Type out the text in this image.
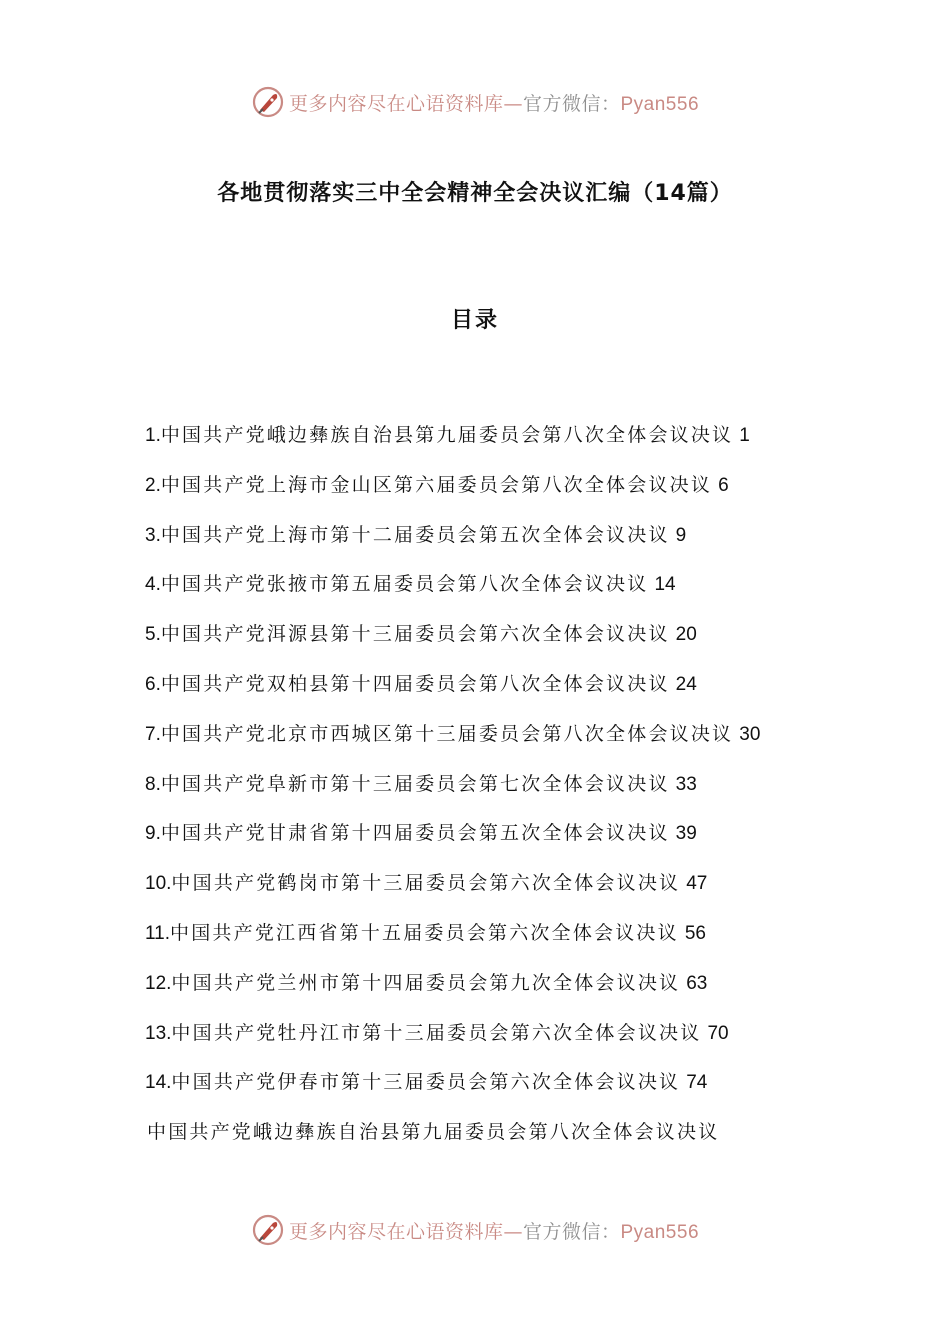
更多内容尽在心语资料库—官方微信：Pyan556
各地贯彻落实三中全会精神全会决议汇编（14篇）
目录
1.中国共产党峨边彝族自治县第九届委员会第八次全体会议决议 1
2.中国共产党上海市金山区第六届委员会第八次全体会议决议 6
3.中国共产党上海市第十二届委员会第五次全体会议决议 9
4.中国共产党张掖市第五届委员会第八次全体会议决议 14
5.中国共产党洱源县第十三届委员会第六次全体会议决议 20
6.中国共产党双柏县第十四届委员会第八次全体会议决议 24
7.中国共产党北京市西城区第十三届委员会第八次全体会议决议 30
8.中国共产党阜新市第十三届委员会第七次全体会议决议 33
9.中国共产党甘肃省第十四届委员会第五次全体会议决议 39
10.中国共产党鹤岗市第十三届委员会第六次全体会议决议 47
11.中国共产党江西省第十五届委员会第六次全体会议决议 56
12.中国共产党兰州市第十四届委员会第九次全体会议决议 63
13.中国共产党牡丹江市第十三届委员会第六次全体会议决议 70
14.中国共产党伊春市第十三届委员会第六次全体会议决议 74
中国共产党峨边彝族自治县第九届委员会第八次全体会议决议
更多内容尽在心语资料库—官方微信：Pyan556
